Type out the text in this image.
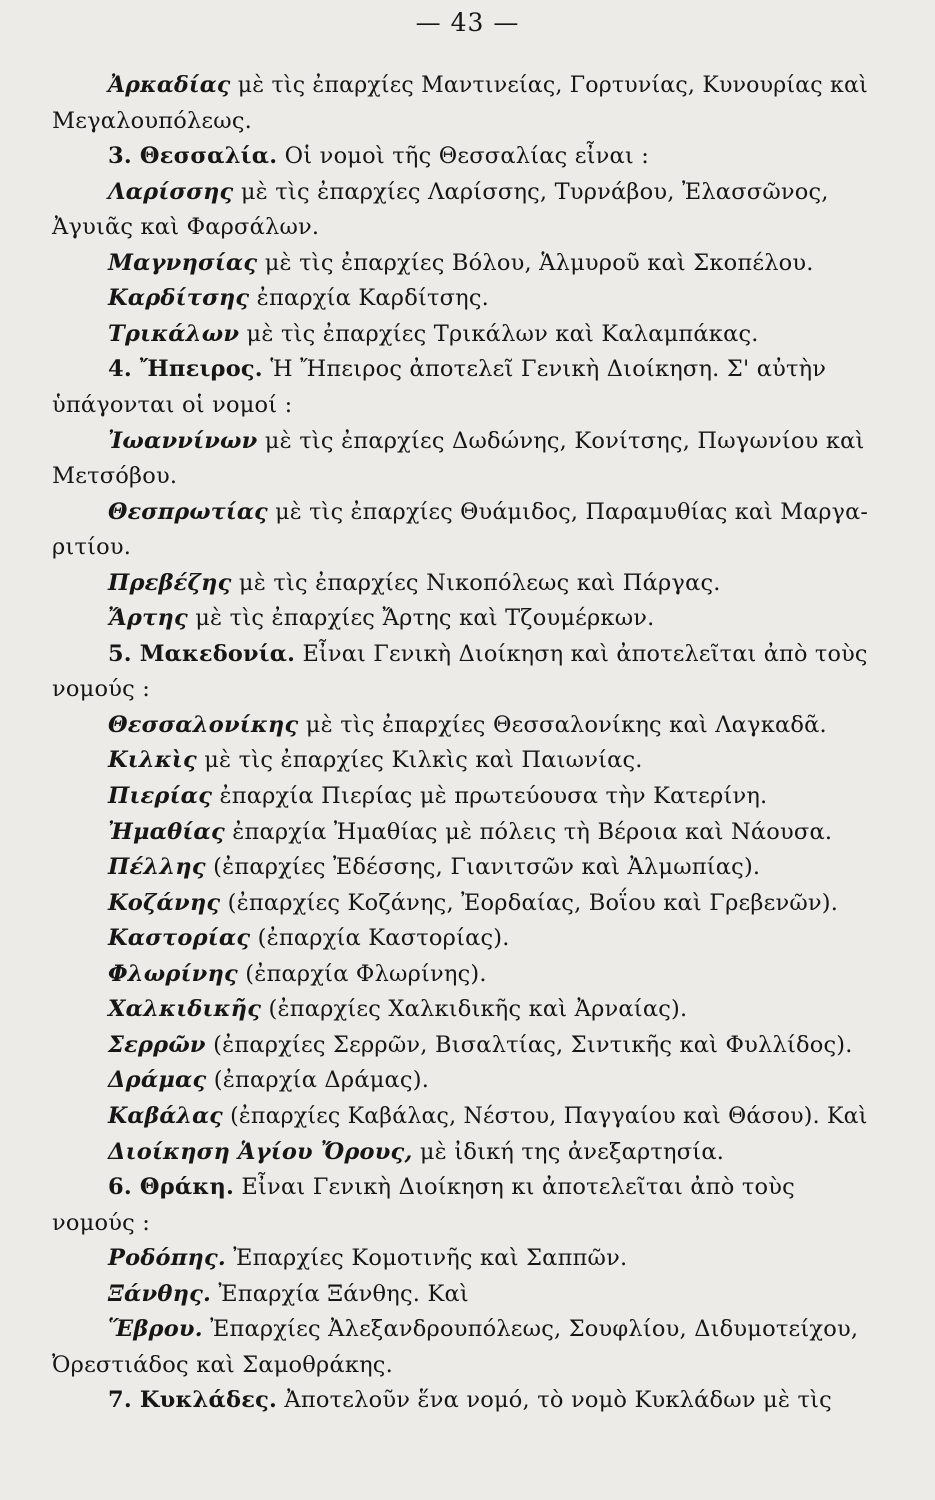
— 43 —
Ἀρκαδίας μὲ τὶς ἐπαρχίες Μαντινείας, Γορτυνίας, Κυνουρίας καὶ
Μεγαλουπόλεως.
3. Θεσσαλία. Οἱ νομοὶ τῆς Θεσσαλίας εἶναι :
Λαρίσσης μὲ τὶς ἐπαρχίες Λαρίσσης, Τυρνάβου, Ἐλασσῶνος,
Ἀγυιᾶς καὶ Φαρσάλων.
Μαγνησίας μὲ τὶς ἐπαρχίες Βόλου, Ἁλμυροῦ καὶ Σκοπέλου.
Καρδίτσης ἐπαρχία Καρδίτσης.
Τρικάλων μὲ τὶς ἐπαρχίες Τρικάλων καὶ Καλαμπάκας.
4. Ἤπειρος. Ἡ Ἤπειρος ἀποτελεῖ Γενικὴ Διοίκηση. Σ' αὐτὴν
ὑπάγονται οἱ νομοί :
Ἰωαννίνων μὲ τὶς ἐπαρχίες Δωδώνης, Κονίτσης, Πωγωνίου καὶ
Μετσόβου.
Θεσπρωτίας μὲ τὶς ἐπαρχίες Θυάμιδος, Παραμυθίας καὶ Μαργα-
ριτίου.
Πρεβέζης μὲ τὶς ἐπαρχίες Νικοπόλεως καὶ Πάργας.
Ἄρτης μὲ τὶς ἐπαρχίες Ἄρτης καὶ Τζουμέρκων.
5. Μακεδονία. Εἶναι Γενικὴ Διοίκηση καὶ ἀποτελεῖται ἀπὸ τοὺς
νομούς :
Θεσσαλονίκης μὲ τὶς ἐπαρχίες Θεσσαλονίκης καὶ Λαγκαδᾶ.
Κιλκὶς μὲ τὶς ἐπαρχίες Κιλκὶς καὶ Παιωνίας.
Πιερίας ἐπαρχία Πιερίας μὲ πρωτεύουσα τὴν Κατερίνη.
Ἠμαθίας ἐπαρχία Ἠμαθίας μὲ πόλεις τὴ Βέροια καὶ Νάουσα.
Πέλλης (ἐπαρχίες Ἐδέσσης, Γιανιτσῶν καὶ Ἀλμωπίας).
Κοζάνης (ἐπαρχίες Κοζάνης, Ἐορδαίας, Βοΐου καὶ Γρεβενῶν).
Καστορίας (ἐπαρχία Καστορίας).
Φλωρίνης (ἐπαρχία Φλωρίνης).
Χαλκιδικῆς (ἐπαρχίες Χαλκιδικῆς καὶ Ἀρναίας).
Σερρῶν (ἐπαρχίες Σερρῶν, Βισαλτίας, Σιντικῆς καὶ Φυλλίδος).
Δράμας (ἐπαρχία Δράμας).
Καβάλας (ἐπαρχίες Καβάλας, Νέστου, Παγγαίου καὶ Θάσου). Καὶ
Διοίκηση Ἁγίου Ὄρους, μὲ ἰδική της ἀνεξαρτησία.
6. Θράκη. Εἶναι Γενικὴ Διοίκηση κι ἀποτελεῖται ἀπὸ τοὺς
νομούς :
Ροδόπης. Ἐπαρχίες Κομοτινῆς καὶ Σαππῶν.
Ξάνθης. Ἐπαρχία Ξάνθης. Καὶ
Ἕβρου. Ἐπαρχίες Ἀλεξανδρουπόλεως, Σουφλίου, Διδυμοτείχου,
Ὀρεστιάδος καὶ Σαμοθράκης.
7. Κυκλάδες. Ἀποτελοῦν ἕνα νομό, τὸ νομὸ Κυκλάδων μὲ τὶς
